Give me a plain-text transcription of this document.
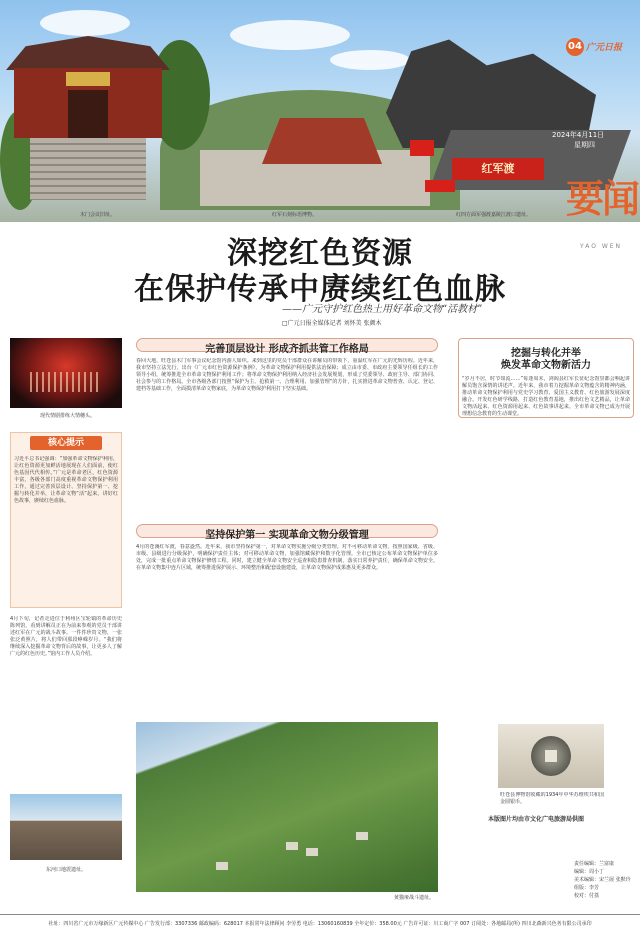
红军渡
04 广元日报
2024年4月11日
星期四
木门会议旧址。	红军石刻标语博物。	红四方面军强渡嘉陵江渡口遗址。 要闻
YAO WEN
深挖红色资源
在保护传承中赓续红色血脉
——广元守护红色热土用好革命文物“活教材”
□广元日报全媒体记者 刘怀美 张颜木
现代情剧排练大情穗头。
核心提示
习近平总书记强调：“加强革命文物保护利用，让红色资源更加鲜活地展现在人们面前，使红色基因代代相传。”广元是革命老区，红色资源丰富，各级各部门高度重视革命文物保护利用工作，通过完善顶层设计、坚持保护第一、挖掘与转化并举，让革命文物“活”起来，讲好红色故事，赓续红色血脉。
4月下旬，记者走进位于利州区宝轮镇的革命历史陈列馆，看到讲解员正在为前来参观的党员干部讲述红军在广元的战斗故事。一件件珍贵文物、一张张泛黄照片，将人们带回那段峥嵘岁月。“我们将继续深入挖掘革命文物背后的故事，让更多人了解广元的红色历史。”馆内工作人员介绍。
东河口地震遗址。
完善顶层设计 形成齐抓共管工作格局
春回大地，旺苍县木门军事会议纪念馆内游人如织。来到这里的党员干部群众在讲解员的带领下，重温红军在广元的光辉历程。近年来，我市坚持立法先行，出台《广元市红色资源保护条例》，为革命文物保护利用提供法治保障；成立由市委、市政府主要领导任组长的工作领导小组，统筹推进全市革命文物保护利用工作；将革命文物保护利用纳入经济社会发展规划，形成了党委领导、政府主导、部门协同、社会参与的工作格局。全市各级各部门按照“保护为主、抢救第一、合理利用、加强管理”的方针，扎实推进革命文物普查、认定、登记、建档等基础工作，全面摸清革命文物家底，为革命文物保护利用打下坚实基础。
坚持保护第一 实现革命文物分级管理
4月的苍溪红军渡，春意盎然。近年来，我市坚持保护第一，对革命文物实施分级分类管理。对不可移动革命文物，按照国家级、省级、市级、县级进行分级保护，明确保护责任主体；对可移动革命文物，加强馆藏保护和数字化管理。全市已核定公布革命文物保护单位多处，完成一批重点革命文物保护修缮工程。同时，建立健全革命文物安全巡查和隐患排查机制，落实日常养护责任，确保革命文物安全。在革命文物集中连片区域，统筹推进保护展示、环境整治和配套设施建设，让革命文物保护成果惠及更多群众。
黄猫垭战斗遗址。
挖掘与转化并举
焕发革命文物新活力
“岁月不居，时节如流……”每逢周末，剑阁县红军长征纪念馆里都会响起讲解员饱含深情的讲述声。近年来，我市着力挖掘革命文物蕴含的精神内涵，推动革命文物保护利用与党史学习教育、爱国主义教育、红色旅游发展深度融合。开发红色研学线路，打造红色教育基地，推出红色文艺精品，让革命文物活起来、红色资源用起来、红色故事讲起来。全市革命文物已成为开展理想信念教育的生动课堂。
旺苍县博物馆收藏的1934年中华苏维埃共和国金圆银币。
本版图片均由市文化广电旅游局供图
责任编辑：兰富康
编辑：周小丁
美术编辑：宋兰展 张默玲
组版：李芳
校对：付荔
社址：四川省广元市万缘新区广元传媒中心 广告发行部：3307336 邮政编码：628017 本报常年法律顾问 李劳勇 电话：13060160839 全年定价：358.00元 广告许可证：川工商广字 007 订阅处：各地邮局(所) 四川北森新兴色务有限公司承印
